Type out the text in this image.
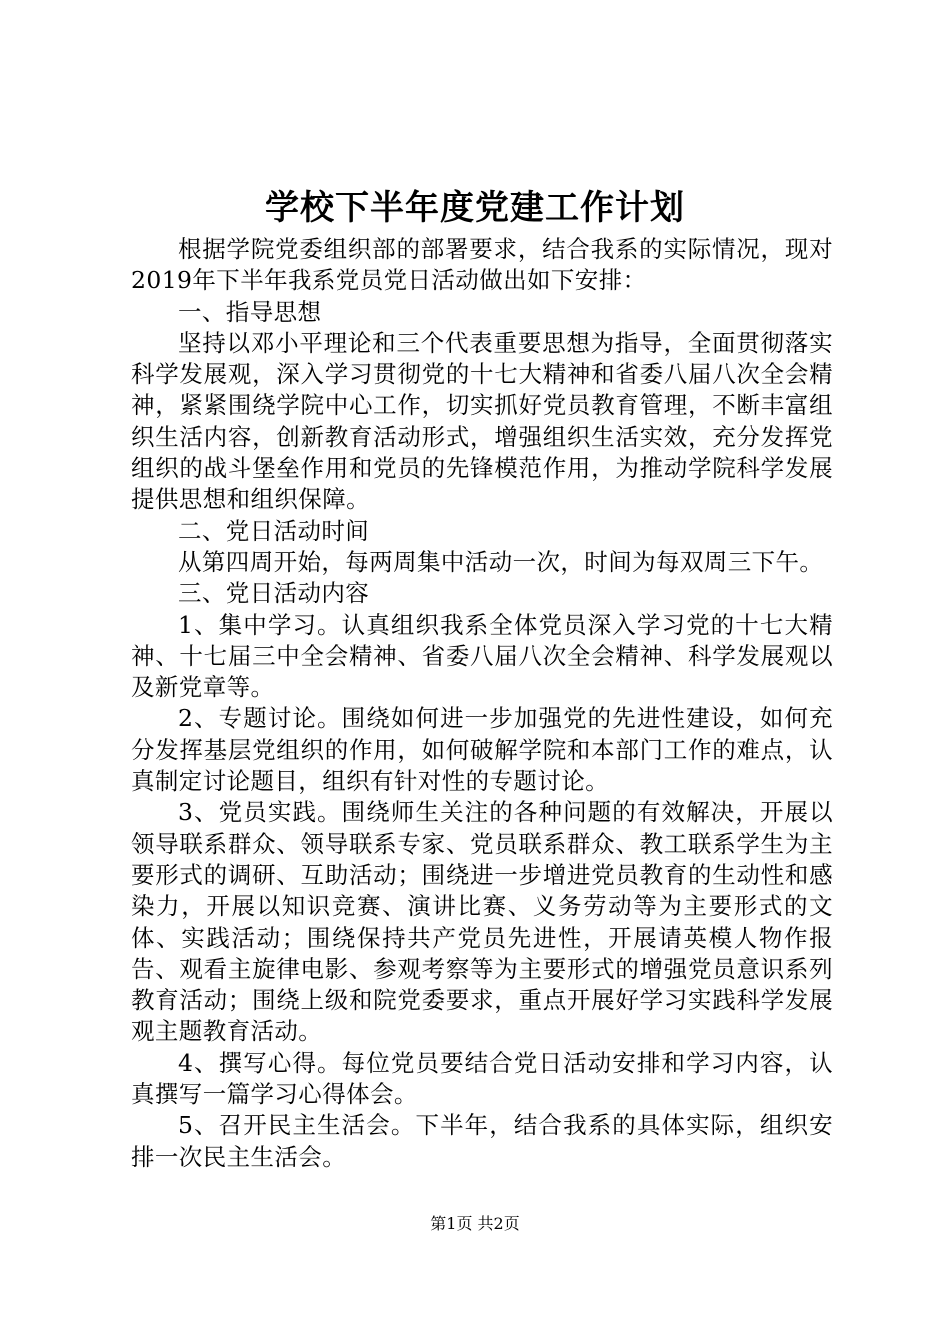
学校下半年度党建工作计划

根据学院党委组织部的部署要求，结合我系的实际情况，现对2019年下半年我系党员党日活动做出如下安排：

一、指导思想

坚持以邓小平理论和三个代表重要思想为指导，全面贯彻落实科学发展观，深入学习贯彻党的十七大精神和省委八届八次全会精神，紧紧围绕学院中心工作，切实抓好党员教育管理，不断丰富组织生活内容，创新教育活动形式，增强组织生活实效，充分发挥党组织的战斗堡垒作用和党员的先锋模范作用，为推动学院科学发展提供思想和组织保障。

二、党日活动时间

从第四周开始，每两周集中活动一次，时间为每双周三下午。

三、党日活动内容

1、集中学习。认真组织我系全体党员深入学习党的十七大精神、十七届三中全会精神、省委八届八次全会精神、科学发展观以及新党章等。

2、专题讨论。围绕如何进一步加强党的先进性建设，如何充分发挥基层党组织的作用，如何破解学院和本部门工作的难点，认真制定讨论题目，组织有针对性的专题讨论。

3、党员实践。围绕师生关注的各种问题的有效解决，开展以领导联系群众、领导联系专家、党员联系群众、教工联系学生为主要形式的调研、互助活动；围绕进一步增进党员教育的生动性和感染力，开展以知识竞赛、演讲比赛、义务劳动等为主要形式的文体、实践活动；围绕保持共产党员先进性，开展请英模人物作报告、观看主旋律电影、参观考察等为主要形式的增强党员意识系列教育活动；围绕上级和院党委要求，重点开展好学习实践科学发展观主题教育活动。

4、撰写心得。每位党员要结合党日活动安排和学习内容，认真撰写一篇学习心得体会。

5、召开民主生活会。下半年，结合我系的具体实际，组织安排一次民主生活会。

第1页 共2页
